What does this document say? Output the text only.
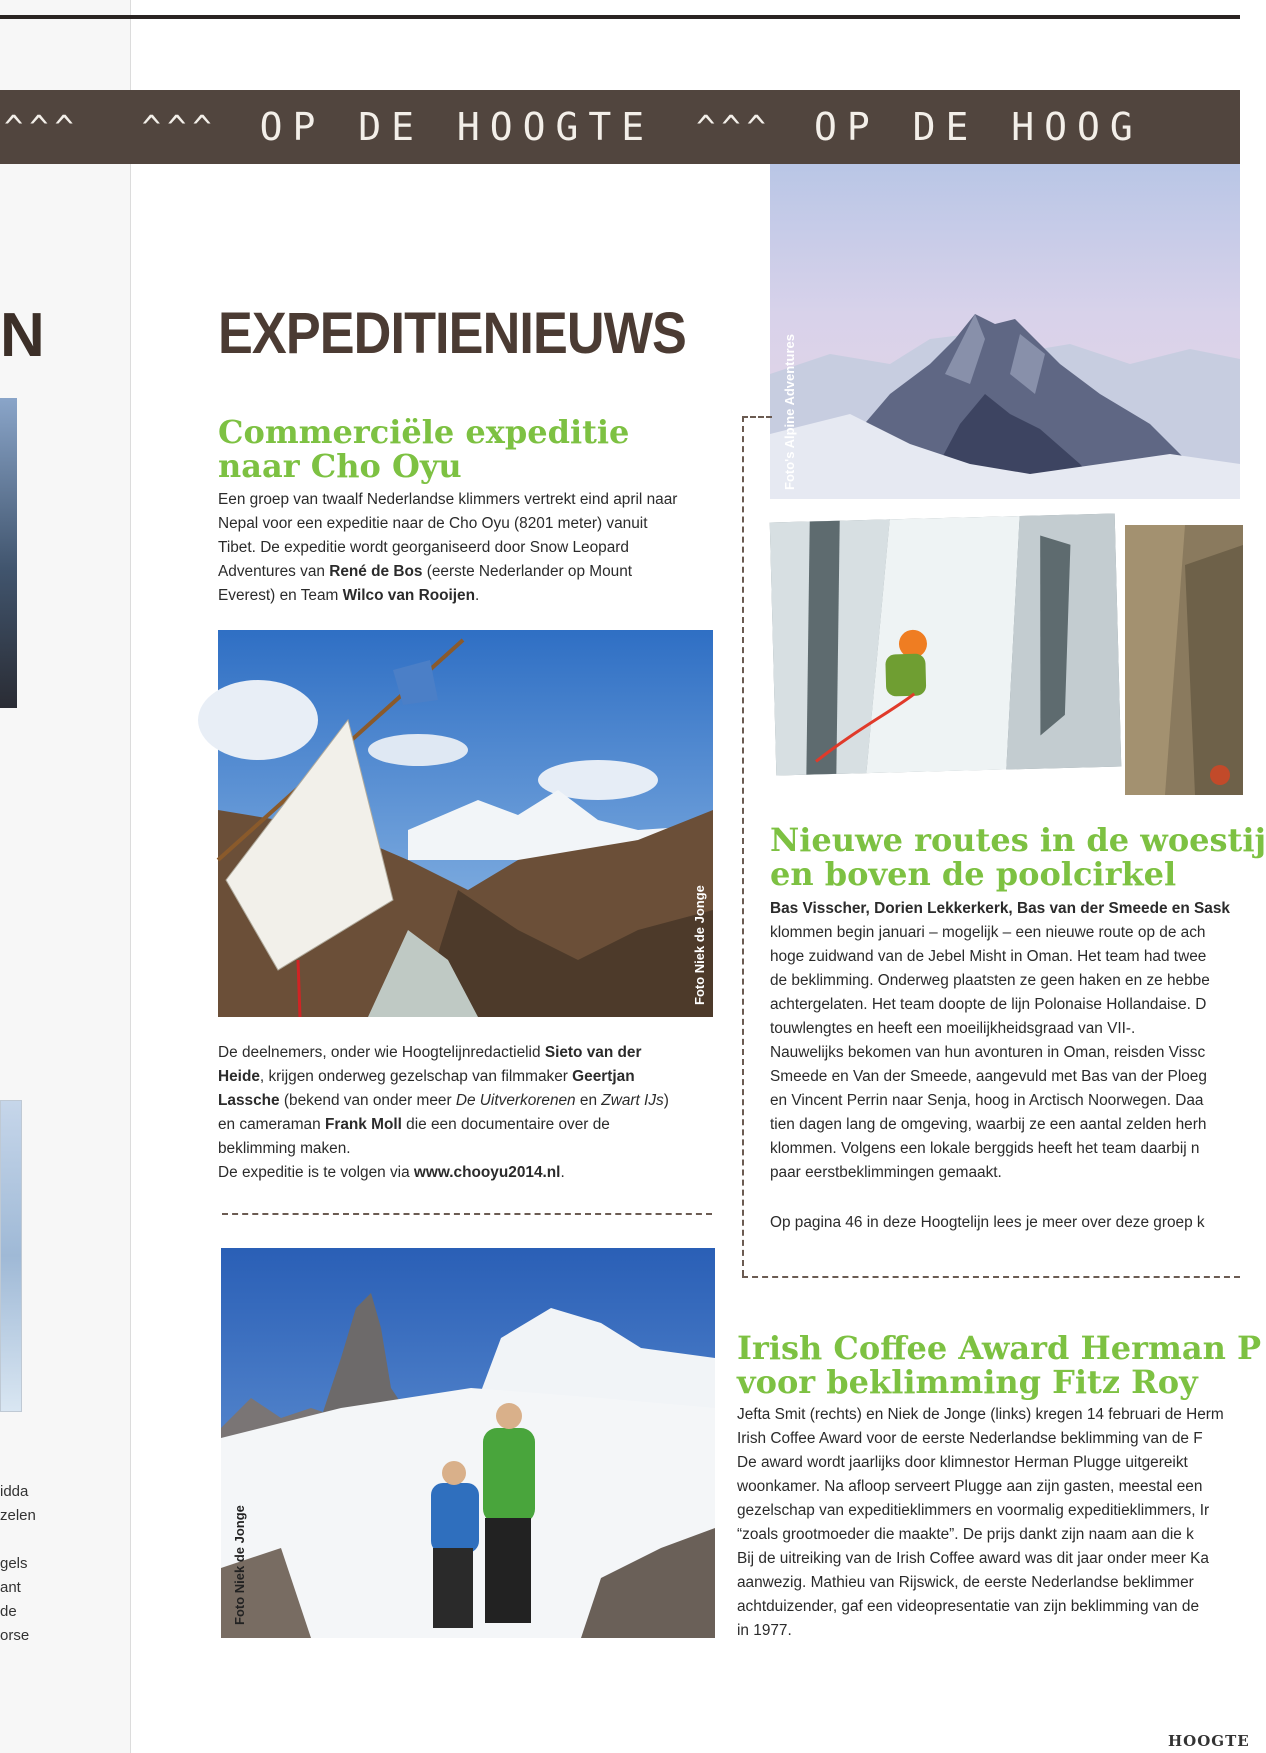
N
idda
zelen
gels
ant
de
orse
^^^ ^^^ OP DE HOOGTE ^^^ OP DE HOOG
Foto's Alpine Adventures
EXPEDITIENIEUWS
Commerciële expeditie
naar Cho Oyu
Een groep van twaalf Nederlandse klimmers vertrekt eind april naar Nepal voor een expeditie naar de Cho Oyu (8201 meter) vanuit Tibet. De expeditie wordt georganiseerd door Snow Leopard Adventures van René de Bos (eerste Nederlander op Mount Everest) en Team Wilco van Rooijen.
Foto Niek de Jonge
De deelnemers, onder wie Hoogtelijnredactielid Sieto van der Heide, krijgen onderweg gezelschap van filmmaker Geertjan Lassche (bekend van onder meer De Uitverkorenen en Zwart IJs) en cameraman Frank Moll die een documentaire over de beklimming maken.
De expeditie is te volgen via www.chooyu2014.nl.
Foto Niek de Jonge
Nieuwe routes in de woestij
en boven de poolcirkel
Bas Visscher, Dorien Lekkerkerk, Bas van der Smeede en Sask
klommen begin januari – mogelijk – een nieuwe route op de ach
hoge zuidwand van de Jebel Misht in Oman. Het team had twee
de beklimming. Onderweg plaatsten ze geen haken en ze hebbe
achtergelaten. Het team doopte de lijn Polonaise Hollandaise. D
touwlengtes en heeft een moeilijkheidsgraad van VII-.
Nauwelijks bekomen van hun avonturen in Oman, reisden Vissc
Smeede en Van der Smeede, aangevuld met Bas van der Ploeg
en Vincent Perrin naar Senja, hoog in Arctisch Noorwegen. Daa
tien dagen lang de omgeving, waarbij ze een aantal zelden herh
klommen. Volgens een lokale berggids heeft het team daarbij n
paar eerstbeklimmingen gemaakt.
Op pagina 46 in deze Hoogtelijn lees je meer over deze groep k
Irish Coffee Award Herman P
voor beklimming Fitz Roy
Jefta Smit (rechts) en Niek de Jonge (links) kregen 14 februari de Herm
Irish Coffee Award voor de eerste Nederlandse beklimming van de F
De award wordt jaarlijks door klimnestor Herman Plugge uitgereikt
woonkamer. Na afloop serveert Plugge aan zijn gasten, meestal een
gezelschap van expeditieklimmers en voormalig expeditieklimmers, Ir
“zoals grootmoeder die maakte”. De prijs dankt zijn naam aan die k
Bij de uitreiking van de Irish Coffee award was dit jaar onder meer Ka
aanwezig. Mathieu van Rijswick, de eerste Nederlandse beklimmer
achtduizender, gaf een videopresentatie van zijn beklimming van de
in 1977.
HOOGTE
